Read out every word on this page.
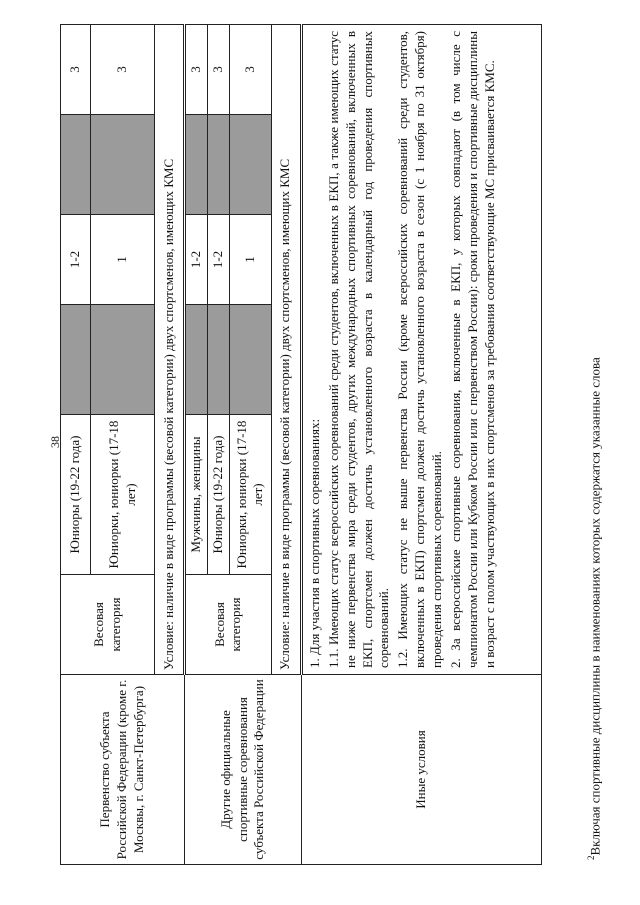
38
Первенство субъекта Российской Федерации (кроме г. Москвы, г. Санкт-Петербурга)	Весовая категория	Юниоры (19-22 года)		1-2		3
		Юниорки, юниорки (17-18 лет)		1		3
	Условие: наличие в виде программы (весовой категории) двух спортсменов, имеющих КМС					
Другие официальные спортивные соревнования субъекта Российской Федерации	Весовая категория	Мужчины, женщины		1-2		3
		Юниоры (19-22 года)		1-2		3
		Юниорки, юниорки (17-18 лет)		1		3
	Условие: наличие в виде программы (весовой категории) двух спортсменов, имеющих КМС					
Иные условия	1. Для участия в спортивных соревнованиях: 1.1. Имеющих статус всероссийских соревнований среди студентов, включенных в ЕКП, а также имеющих статус не ниже первенства мира среди студентов, других международных спортивных соревнований, включенных в ЕКП, спортсмен должен достичь установленного возраста в календарный год проведения спортивных соревнований. 1.2. Имеющих статус не выше первенства России (кроме всероссийских соревнований среди студентов, включенных в ЕКП) спортсмен должен достичь установленного возраста в сезон (с 1 ноября по 31 октября) проведения спортивных соревнований. 2. За всероссийские спортивные соревнования, включенные в ЕКП, у которых совпадают (в том числе с чемпионатом России или Кубком России или с первенством России): сроки проведения и спортивные дисциплины и возраст с полом участвующих в них спортсменов за требования соответствующие МС присваивается КМС.					

$^2$Включая спортивные дисциплины в наименованиях которых содержатся указанные слова
